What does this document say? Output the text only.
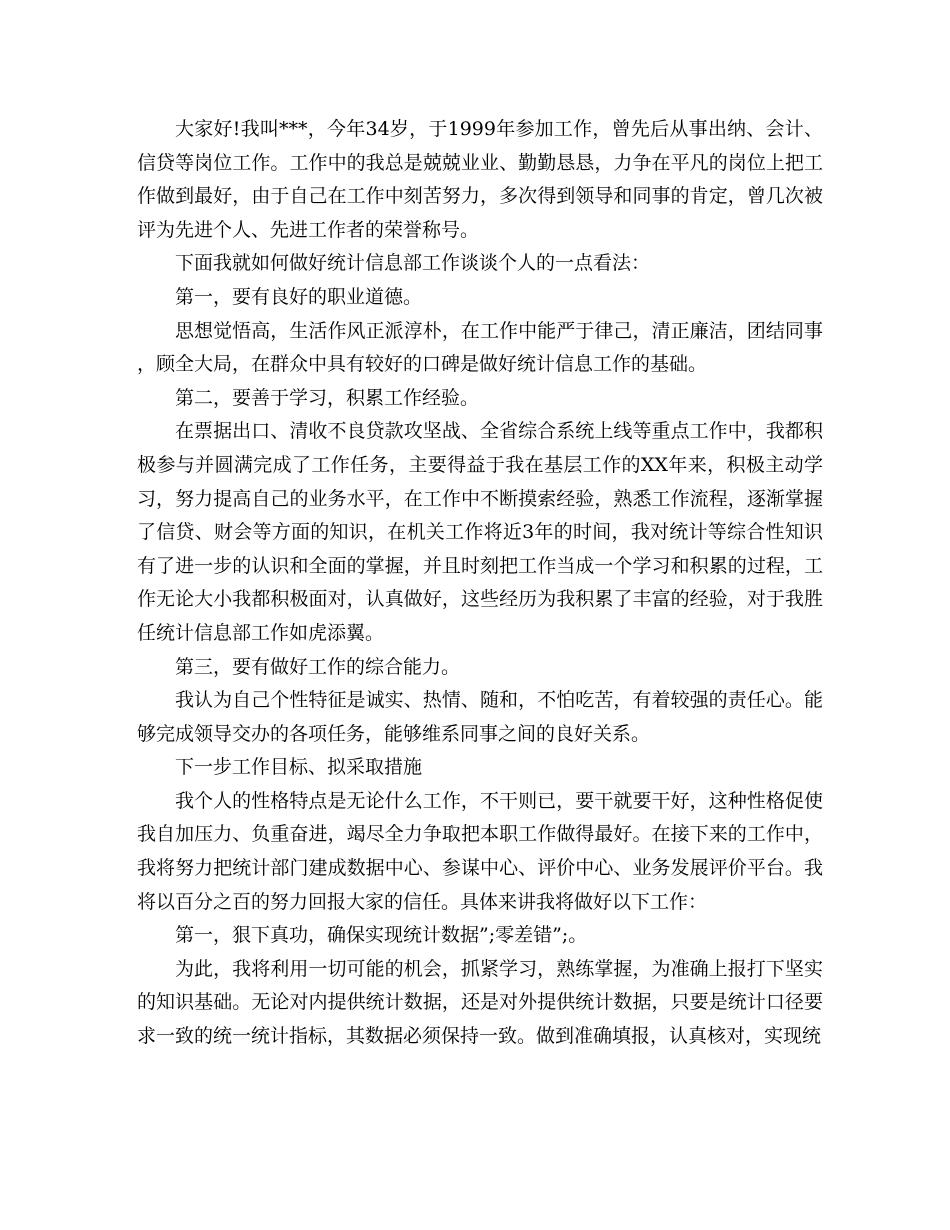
大家好!我叫***，今年34岁，于1999年参加工作，曾先后从事出纳、会计、信贷等岗位工作。工作中的我总是兢兢业业、勤勤恳恳，力争在平凡的岗位上把工作做到最好，由于自己在工作中刻苦努力，多次得到领导和同事的肯定，曾几次被评为先进个人、先进工作者的荣誉称号。

下面我就如何做好统计信息部工作谈谈个人的一点看法：

第一，要有良好的职业道德。

思想觉悟高，生活作风正派淳朴，在工作中能严于律己，清正廉洁，团结同事，顾全大局，在群众中具有较好的口碑是做好统计信息工作的基础。

第二，要善于学习，积累工作经验。

在票据出口、清收不良贷款攻坚战、全省综合系统上线等重点工作中，我都积极参与并圆满完成了工作任务，主要得益于我在基层工作的XX年来，积极主动学习，努力提高自己的业务水平，在工作中不断摸索经验，熟悉工作流程，逐渐掌握了信贷、财会等方面的知识，在机关工作将近3年的时间，我对统计等综合性知识有了进一步的认识和全面的掌握，并且时刻把工作当成一个学习和积累的过程，工作无论大小我都积极面对，认真做好，这些经历为我积累了丰富的经验，对于我胜任统计信息部工作如虎添翼。

第三，要有做好工作的综合能力。

我认为自己个性特征是诚实、热情、随和，不怕吃苦，有着较强的责任心。能够完成领导交办的各项任务，能够维系同事之间的良好关系。

下一步工作目标、拟采取措施

我个人的性格特点是无论什么工作，不干则已，要干就要干好，这种性格促使我自加压力、负重奋进，竭尽全力争取把本职工作做得最好。在接下来的工作中，我将努力把统计部门建成数据中心、参谋中心、评价中心、业务发展评价平台。我将以百分之百的努力回报大家的信任。具体来讲我将做好以下工作：

第一，狠下真功，确保实现统计数据”;零差错”;。

为此，我将利用一切可能的机会，抓紧学习，熟练掌握，为准确上报打下坚实的知识基础。无论对内提供统计数据，还是对外提供统计数据，只要是统计口径要求一致的统一统计指标，其数据必须保持一致。做到准确填报，认真核对，实现统
